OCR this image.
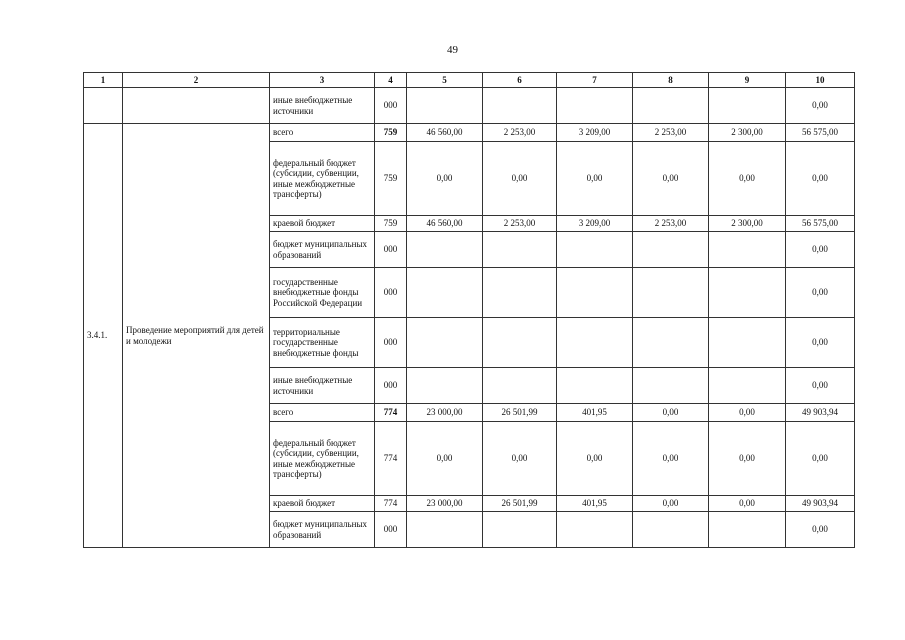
49
1	2	3	4	5	6	7	8	9	10
		иные внебюджетные источники	000						0,00
3.4.1.	Проведение мероприятий для детей и молодежи	всего	759	46 560,00	2 253,00	3 209,00	2 253,00	2 300,00	56 575,00
		федеральный бюджет (субсидии, субвенции, иные межбюджетные трансферты)	759	0,00	0,00	0,00	0,00	0,00	0,00
		краевой бюджет	759	46 560,00	2 253,00	3 209,00	2 253,00	2 300,00	56 575,00
		бюджет муниципальных образований	000						0,00
		государственные внебюджетные фонды Российской Федерации	000						0,00
		территориальные государственные внебюджетные фонды	000						0,00
		иные внебюджетные источники	000						0,00
		всего	774	23 000,00	26 501,99	401,95	0,00	0,00	49 903,94
		федеральный бюджет (субсидии, субвенции, иные межбюджетные трансферты)	774	0,00	0,00	0,00	0,00	0,00	0,00
		краевой бюджет	774	23 000,00	26 501,99	401,95	0,00	0,00	49 903,94
		бюджет муниципальных образований	000						0,00
